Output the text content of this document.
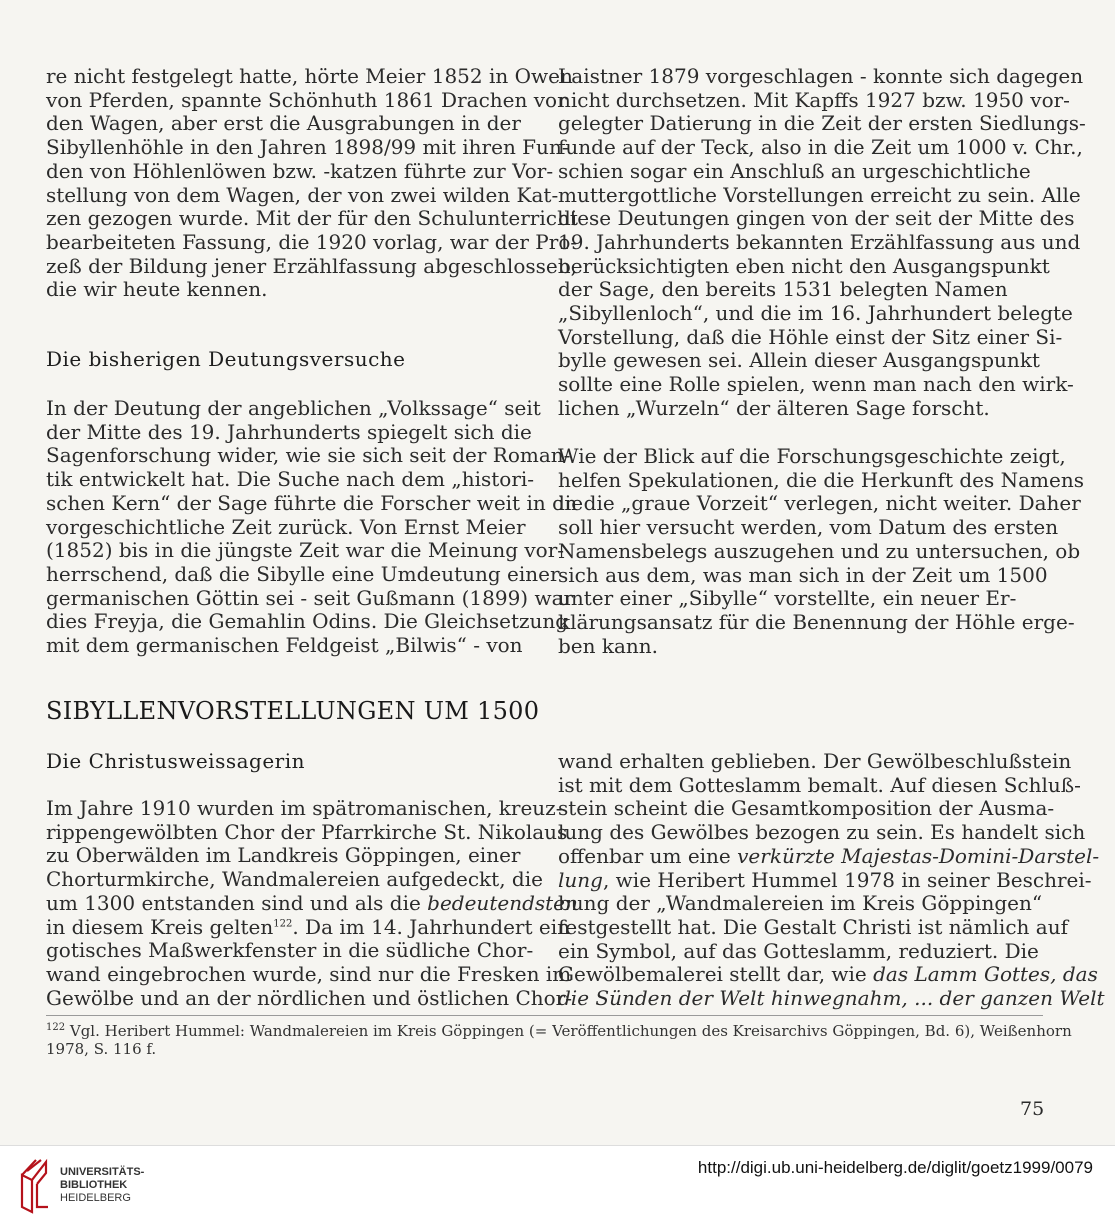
re nicht festgelegt hatte, hörte Meier 1852 in Owen
von Pferden, spannte Schönhuth 1861 Drachen vor
den Wagen, aber erst die Ausgrabungen in der
Sibyllenhöhle in den Jahren 1898/99 mit ihren Fun-
den von Höhlenlöwen bzw. -katzen führte zur Vor-
stellung von dem Wagen, der von zwei wilden Kat-
zen gezogen wurde. Mit der für den Schulunterricht
bearbeiteten Fassung, die 1920 vorlag, war der Pro-
zeß der Bildung jener Erzählfassung abgeschlossen,
die wir heute kennen.
Die bisherigen Deutungsversuche
In der Deutung der angeblichen „Volkssage“ seit
der Mitte des 19. Jahrhunderts spiegelt sich die
Sagenforschung wider, wie sie sich seit der Roman-
tik entwickelt hat. Die Suche nach dem „histori-
schen Kern“ der Sage führte die Forscher weit in die
vorgeschichtliche Zeit zurück. Von Ernst Meier
(1852) bis in die jüngste Zeit war die Meinung vor-
herrschend, daß die Sibylle eine Umdeutung einer
germanischen Göttin sei - seit Gußmann (1899) war
dies Freyja, die Gemahlin Odins. Die Gleichsetzung
mit dem germanischen Feldgeist „Bilwis“ - von
Laistner 1879 vorgeschlagen - konnte sich dagegen
nicht durchsetzen. Mit Kapffs 1927 bzw. 1950 vor-
gelegter Datierung in die Zeit der ersten Siedlungs-
funde auf der Teck, also in die Zeit um 1000 v. Chr.,
schien sogar ein Anschluß an urgeschichtliche
muttergottliche Vorstellungen erreicht zu sein. Alle
diese Deutungen gingen von der seit der Mitte des
19. Jahrhunderts bekannten Erzählfassung aus und
berücksichtigten eben nicht den Ausgangspunkt
der Sage, den bereits 1531 belegten Namen
„Sibyllenloch“, und die im 16. Jahrhundert belegte
Vorstellung, daß die Höhle einst der Sitz einer Si-
bylle gewesen sei. Allein dieser Ausgangspunkt
sollte eine Rolle spielen, wenn man nach den wirk-
lichen „Wurzeln“ der älteren Sage forscht.
Wie der Blick auf die Forschungsgeschichte zeigt,
helfen Spekulationen, die die Herkunft des Namens
in die „graue Vorzeit“ verlegen, nicht weiter. Daher
soll hier versucht werden, vom Datum des ersten
Namensbelegs auszugehen und zu untersuchen, ob
sich aus dem, was man sich in der Zeit um 1500
unter einer „Sibylle“ vorstellte, ein neuer Er-
klärungsansatz für die Benennung der Höhle erge-
ben kann.
SIBYLLENVORSTELLUNGEN UM 1500
Die Christusweissagerin
Im Jahre 1910 wurden im spätromanischen, kreuz-
rippengewölbten Chor der Pfarrkirche St. Nikolaus
zu Oberwälden im Landkreis Göppingen, einer
Chorturmkirche, Wandmalereien aufgedeckt, die
um 1300 entstanden sind und als die bedeutendsten
in diesem Kreis gelten$^{122}$. Da im 14. Jahrhundert ein
gotisches Maßwerkfenster in die südliche Chor-
wand eingebrochen wurde, sind nur die Fresken im
Gewölbe und an der nördlichen und östlichen Chor-
wand erhalten geblieben. Der Gewölbeschlußstein
ist mit dem Gotteslamm bemalt. Auf diesen Schluß-
stein scheint die Gesamtkomposition der Ausma-
lung des Gewölbes bezogen zu sein. Es handelt sich
offenbar um eine verkürzte Majestas-Domini-Darstel-
lung, wie Heribert Hummel 1978 in seiner Beschrei-
bung der „Wandmalereien im Kreis Göppingen“
festgestellt hat. Die Gestalt Christi ist nämlich auf
ein Symbol, auf das Gotteslamm, reduziert. Die
Gewölbemalerei stellt dar, wie das Lamm Gottes, das
die Sünden der Welt hinwegnahm, ... der ganzen Welt
$^{122}$ Vgl. Heribert Hummel: Wandmalereien im Kreis Göppingen (= Veröffentlichungen des Kreisarchivs Göppingen, Bd. 6), Weißenhorn
1978, S. 116 f.
75
UNIVERSITÄTS-
BIBLIOTHEK
HEIDELBERG
http://digi.ub.uni-heidelberg.de/diglit/goetz1999/0079
